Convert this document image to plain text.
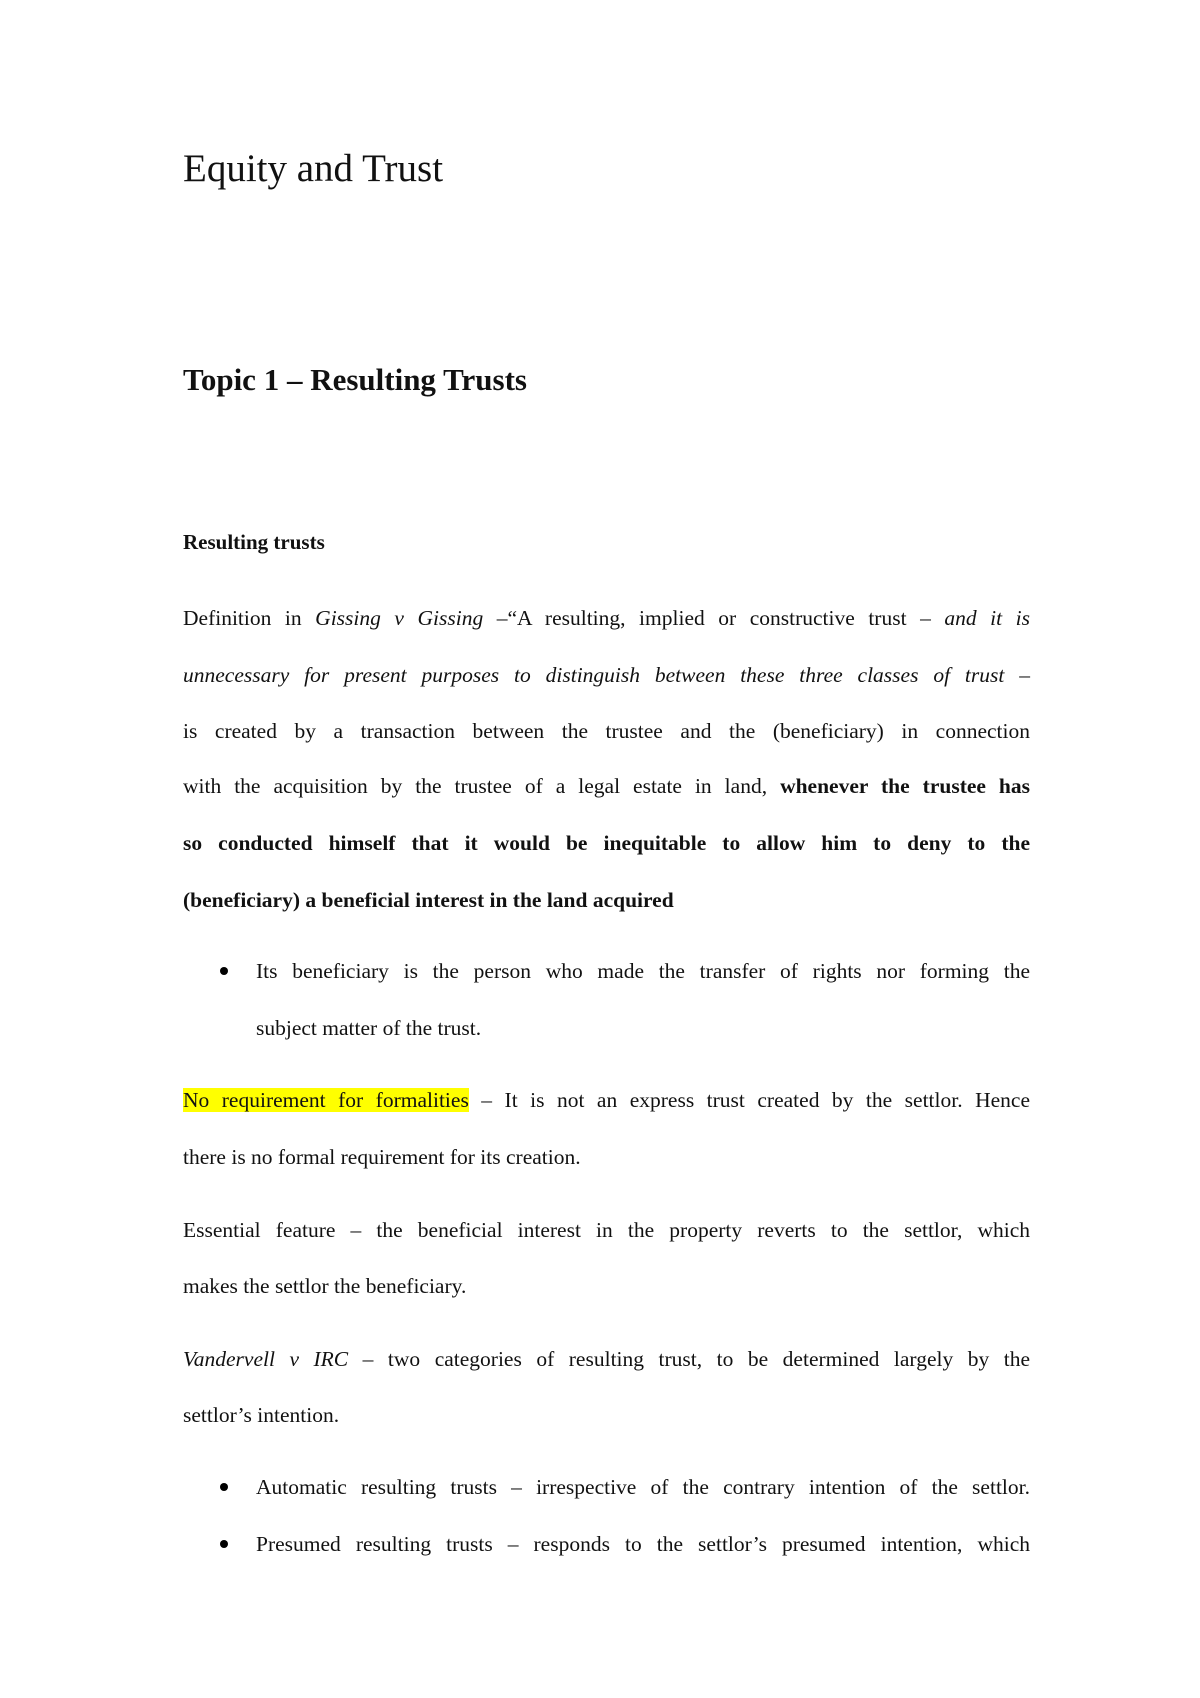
Equity and Trust
Topic 1 – Resulting Trusts
Resulting trusts
Definition in Gissing v Gissing –“A resulting, implied or constructive trust – and it is
unnecessary for present purposes to distinguish between these three classes of trust –
is created by a transaction between the trustee and the (beneficiary) in connection
with the acquisition by the trustee of a legal estate in land, whenever the trustee has
so conducted himself that it would be inequitable to allow him to deny to the
(beneficiary) a beneficial interest in the land acquired
Its beneficiary is the person who made the transfer of rights nor forming the
subject matter of the trust.
No requirement for formalities – It is not an express trust created by the settlor. Hence
there is no formal requirement for its creation.
Essential feature – the beneficial interest in the property reverts to the settlor, which
makes the settlor the beneficiary.
Vandervell v IRC – two categories of resulting trust, to be determined largely by the
settlor’s intention.
Automatic resulting trusts – irrespective of the contrary intention of the settlor.
Presumed resulting trusts – responds to the settlor’s presumed intention, which
